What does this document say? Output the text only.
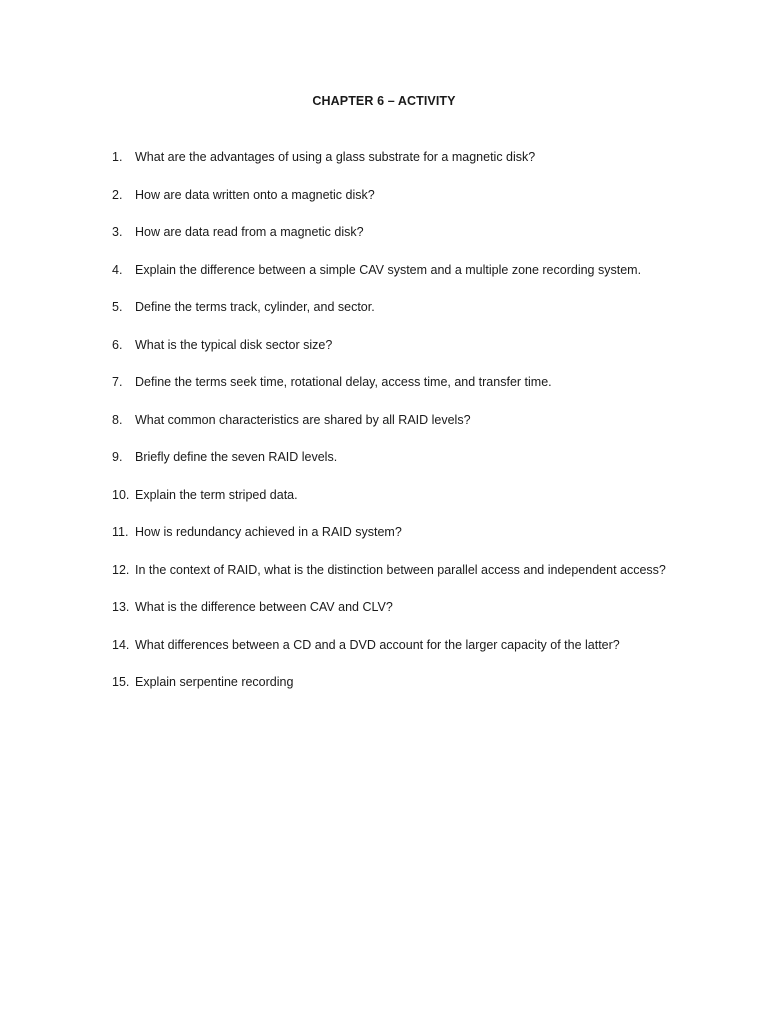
CHAPTER 6 – ACTIVITY
1.	What are the advantages of using a glass substrate for a magnetic disk?
2.	How are data written onto a magnetic disk?
3.	How are data read from a magnetic disk?
4.	Explain the difference between a simple CAV system and a multiple zone recording system.
5.	Define the terms track, cylinder, and sector.
6.	What is the typical disk sector size?
7.	Define the terms seek time, rotational delay, access time, and transfer time.
8.	What common characteristics are shared by all RAID levels?
9.	Briefly define the seven RAID levels.
10. Explain the term striped data.
11. How is redundancy achieved in a RAID system?
12. In the context of RAID, what is the distinction between parallel access and independent access?
13. What is the difference between CAV and CLV?
14. What differences between a CD and a DVD account for the larger capacity of the latter?
15. Explain serpentine recording
